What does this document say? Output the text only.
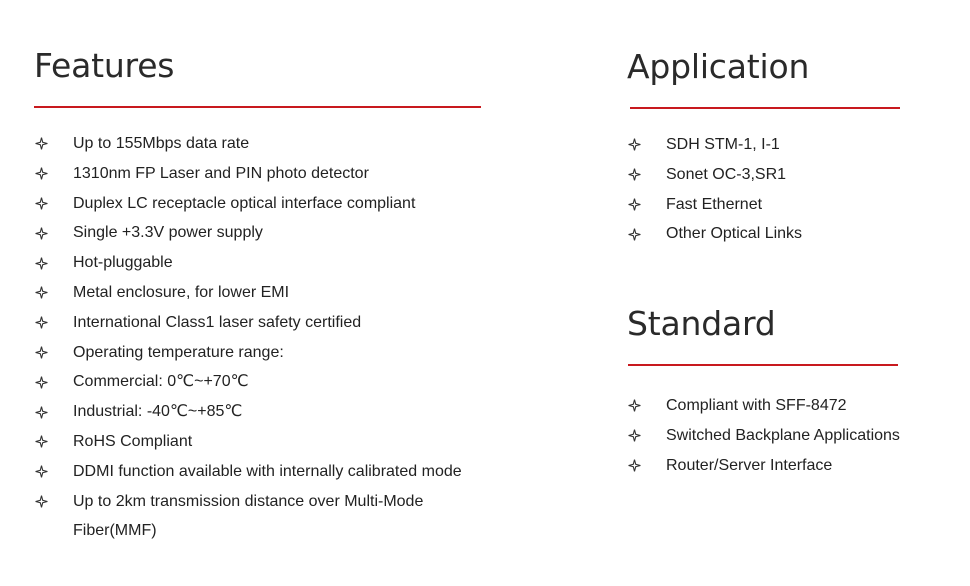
Features
Up to 155Mbps data rate
1310nm FP Laser and PIN photo detector
Duplex LC receptacle optical interface compliant
Single +3.3V power supply
Hot-pluggable
Metal enclosure, for lower EMI
International Class1 laser safety certified
Operating temperature range:
Commercial: 0℃~+70℃
Industrial: -40℃~+85℃
RoHS Compliant
DDMI function available with internally calibrated mode
Up to 2km transmission distance over Multi-Mode
Fiber(MMF)
Application
SDH STM-1, I-1
Sonet OC-3,SR1
Fast Ethernet
Other Optical Links
Standard
Compliant with SFF-8472
Switched Backplane Applications
Router/Server Interface
